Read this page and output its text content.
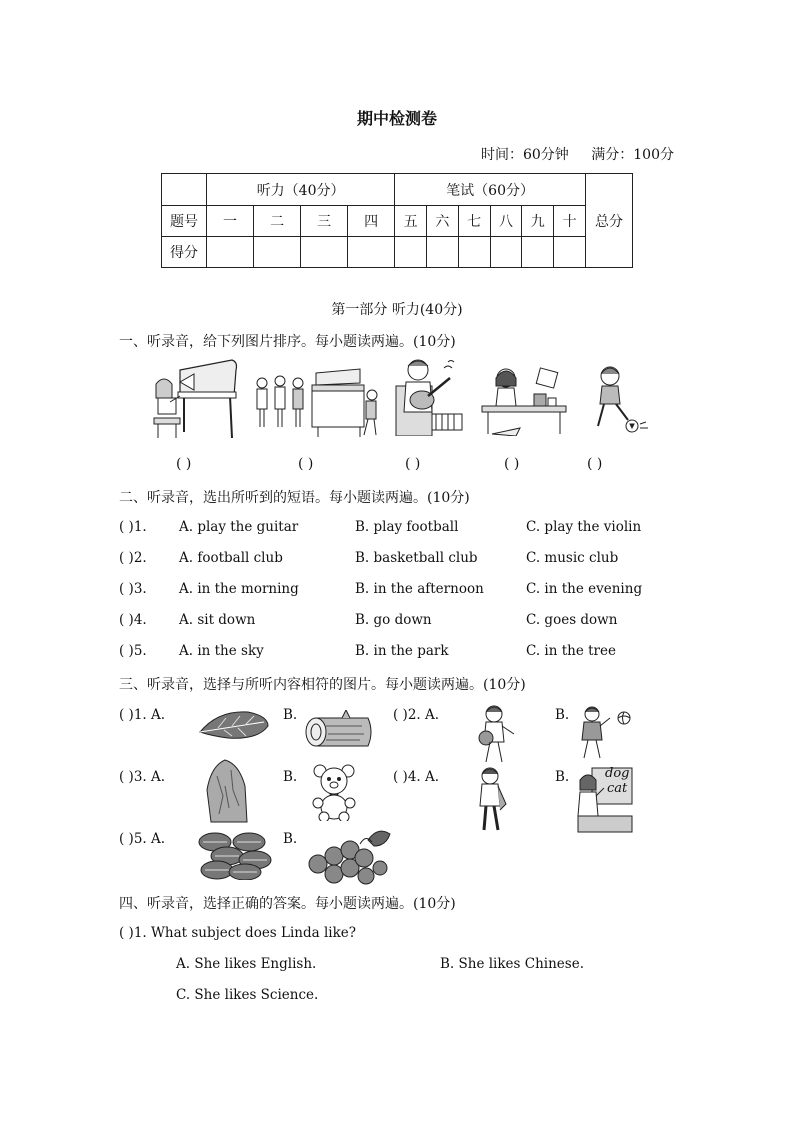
期中检测卷
时间：60分钟 满分：100分
	听力（40分）				笔试（60分）						总分
题号	一	二	三	四	五	六	七	八	九	十	
得分											
第一部分 听力(40分)
一、听录音，给下列图片排序。每小题读两遍。(10分)
( )	( )	( )	( )	( )
二、听录音，选出所听到的短语。每小题读两遍。(10分)
( )1. A. play the guitar	B. play football	C. play the violin
( )2. A. football club	B. basketball club	C. music club
( )3. A. in the morning	B. in the afternoon	C. in the evening
( )4. A. sit down	B. go down	C. goes down
( )5. A. in the sky	B. in the park	C. in the tree
三、听录音，选择与所听内容相符的图片。每小题读两遍。(10分)
( )1. A.	B.	( )2. A.	B.
( )3. A.	B.	( )4. A.	B.	dog
cat
( )5. A.	B.
四、听录音，选择正确的答案。每小题读两遍。(10分)
( )1. What subject does Linda like?
A. She likes English.	B. She likes Chinese.
C. She likes Science.
